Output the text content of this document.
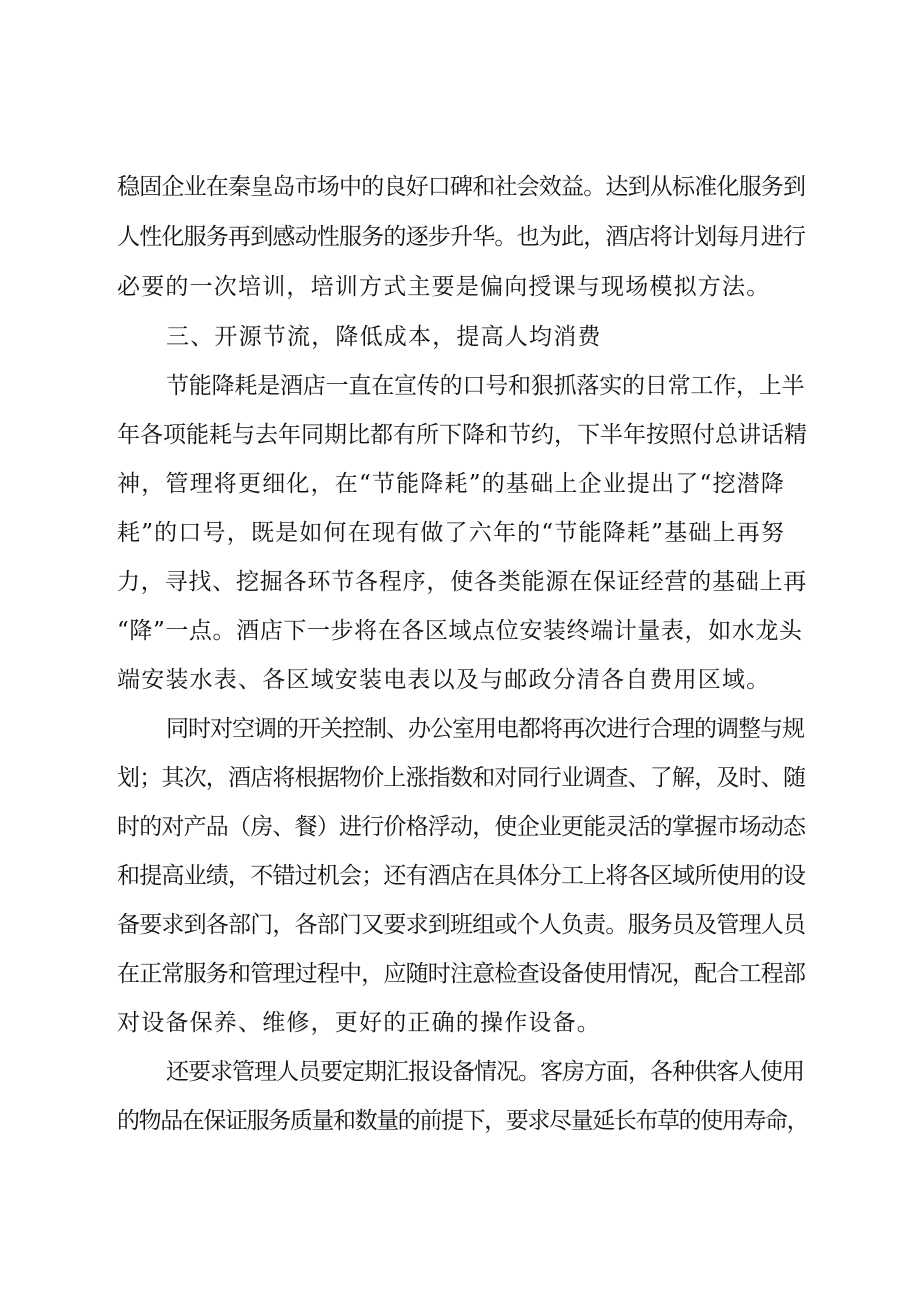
稳固企业在秦皇岛市场中的良好口碑和社会效益。达到从标准化服务到
人性化服务再到感动性服务的逐步升华。也为此，酒店将计划每月进行
必要的一次培训，培训方式主要是偏向授课与现场模拟方法。
三、开源节流，降低成本，提高人均消费
节能降耗是酒店一直在宣传的口号和狠抓落实的日常工作，上半
年各项能耗与去年同期比都有所下降和节约，下半年按照付总讲话精
神，管理将更细化，在“节能降耗”的基础上企业提出了“挖潜降
耗”的口号，既是如何在现有做了六年的“节能降耗”基础上再努
力，寻找、挖掘各环节各程序，使各类能源在保证经营的基础上再
“降”一点。酒店下一步将在各区域点位安装终端计量表，如水龙头
端安装水表、各区域安装电表以及与邮政分清各自费用区域。
同时对空调的开关控制、办公室用电都将再次进行合理的调整与规
划；其次，酒店将根据物价上涨指数和对同行业调查、了解，及时、随
时的对产品（房、餐）进行价格浮动，使企业更能灵活的掌握市场动态
和提高业绩，不错过机会；还有酒店在具体分工上将各区域所使用的设
备要求到各部门，各部门又要求到班组或个人负责。服务员及管理人员
在正常服务和管理过程中，应随时注意检查设备使用情况，配合工程部
对设备保养、维修，更好的正确的操作设备。
还要求管理人员要定期汇报设备情况。客房方面，各种供客人使用
的物品在保证服务质量和数量的前提下，要求尽量延长布草的使用寿命，
